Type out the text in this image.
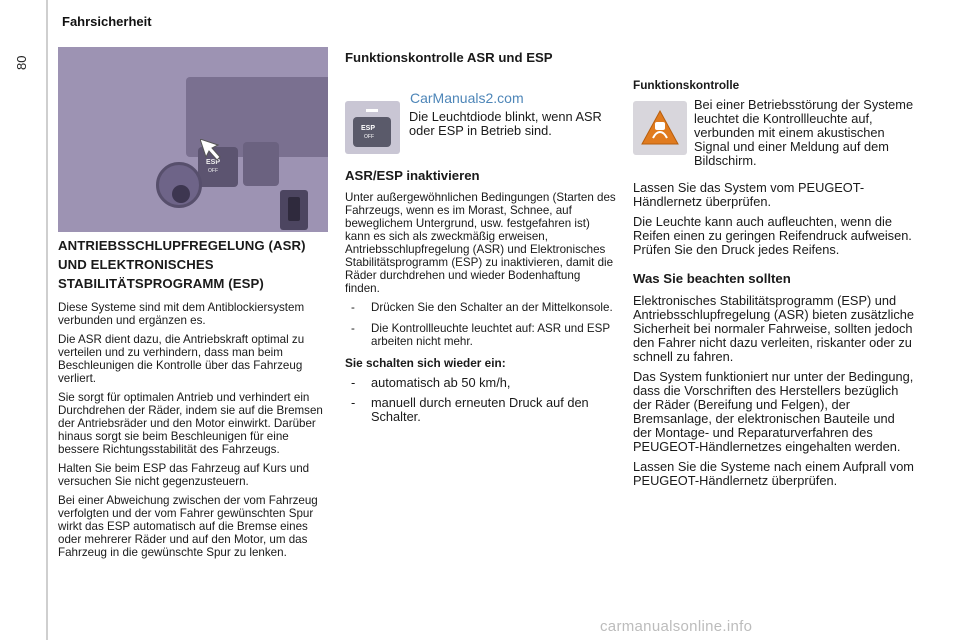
80
Fahrsicherheit
ESP
OFF
ANTRIEBSSCHLUPFREGELUNG (ASR) UND ELEKTRONISCHES STABILITÄTSPROGRAMM (ESP)

Diese Systeme sind mit dem Antiblockiersystem verbunden und ergänzen es.

Die ASR dient dazu, die Antriebskraft optimal zu verteilen und zu verhindern, dass man beim Beschleunigen die Kontrolle über das Fahrzeug verliert.

Sie sorgt für optimalen Antrieb und verhindert ein Durchdrehen der Räder, indem sie auf die Bremsen der Antriebsräder und den Motor einwirkt. Darüber hinaus sorgt sie beim Beschleunigen für eine bessere Richtungsstabilität des Fahrzeugs.

Halten Sie beim ESP das Fahrzeug auf Kurs und versuchen Sie nicht gegenzusteuern.

Bei einer Abweichung zwischen der vom Fahrzeug verfolgten und der vom Fahrer gewünschten Spur wirkt das ESP automatisch auf die Bremse eines oder mehrerer Räder und auf den Motor, um das Fahrzeug in die gewünschte Spur zu lenken.

Funktionskontrolle ASR und ESP
CarManuals2.com
ESP
OFF

Die Leuchtdiode blinkt, wenn ASR oder ESP in Betrieb sind.

ASR/ESP inaktivieren

Unter außergewöhnlichen Bedingungen (Starten des Fahrzeugs, wenn es im Morast, Schnee, auf beweglichem Untergrund, usw. festgefahren ist) kann es sich als zweckmäßig erweisen, Antriebsschlupfregelung (ASR) und Elektronisches Stabilitätsprogramm (ESP) zu inaktivieren, damit die Räder durchdrehen und wieder Bodenhaftung finden.

- Drücken Sie den Schalter an der Mittelkonsole.
- Die Kontrollleuchte leuchtet auf: ASR und ESP arbeiten nicht mehr.
Sie schalten sich wieder ein:
- automatisch ab 50 km/h,
- manuell durch erneuten Druck auf den Schalter.
Funktionskontrolle

Bei einer Betriebsstörung der Systeme leuchtet die Kontrollleuchte auf, verbunden mit einem akustischen Signal und einer Meldung auf dem Bildschirm.

Lassen Sie das System vom PEUGEOT-Händlernetz überprüfen.

Die Leuchte kann auch aufleuchten, wenn die Reifen einen zu geringen Reifendruck aufweisen. Prüfen Sie den Druck jedes Reifens.

Was Sie beachten sollten

Elektronisches Stabilitätsprogramm (ESP) und Antriebsschlupfregelung (ASR) bieten zusätzliche Sicherheit bei normaler Fahrweise, sollten jedoch den Fahrer nicht dazu verleiten, riskanter oder zu schnell zu fahren.

Das System funktioniert nur unter der Bedingung, dass die Vorschriften des Herstellers bezüglich der Räder (Bereifung und Felgen), der Bremsanlage, der elektronischen Bauteile und der Montage- und Reparaturverfahren des PEUGEOT-Händlernetzes eingehalten werden.

Lassen Sie die Systeme nach einem Aufprall vom PEUGEOT-Händlernetz überprüfen.

carmanualsonline.info
